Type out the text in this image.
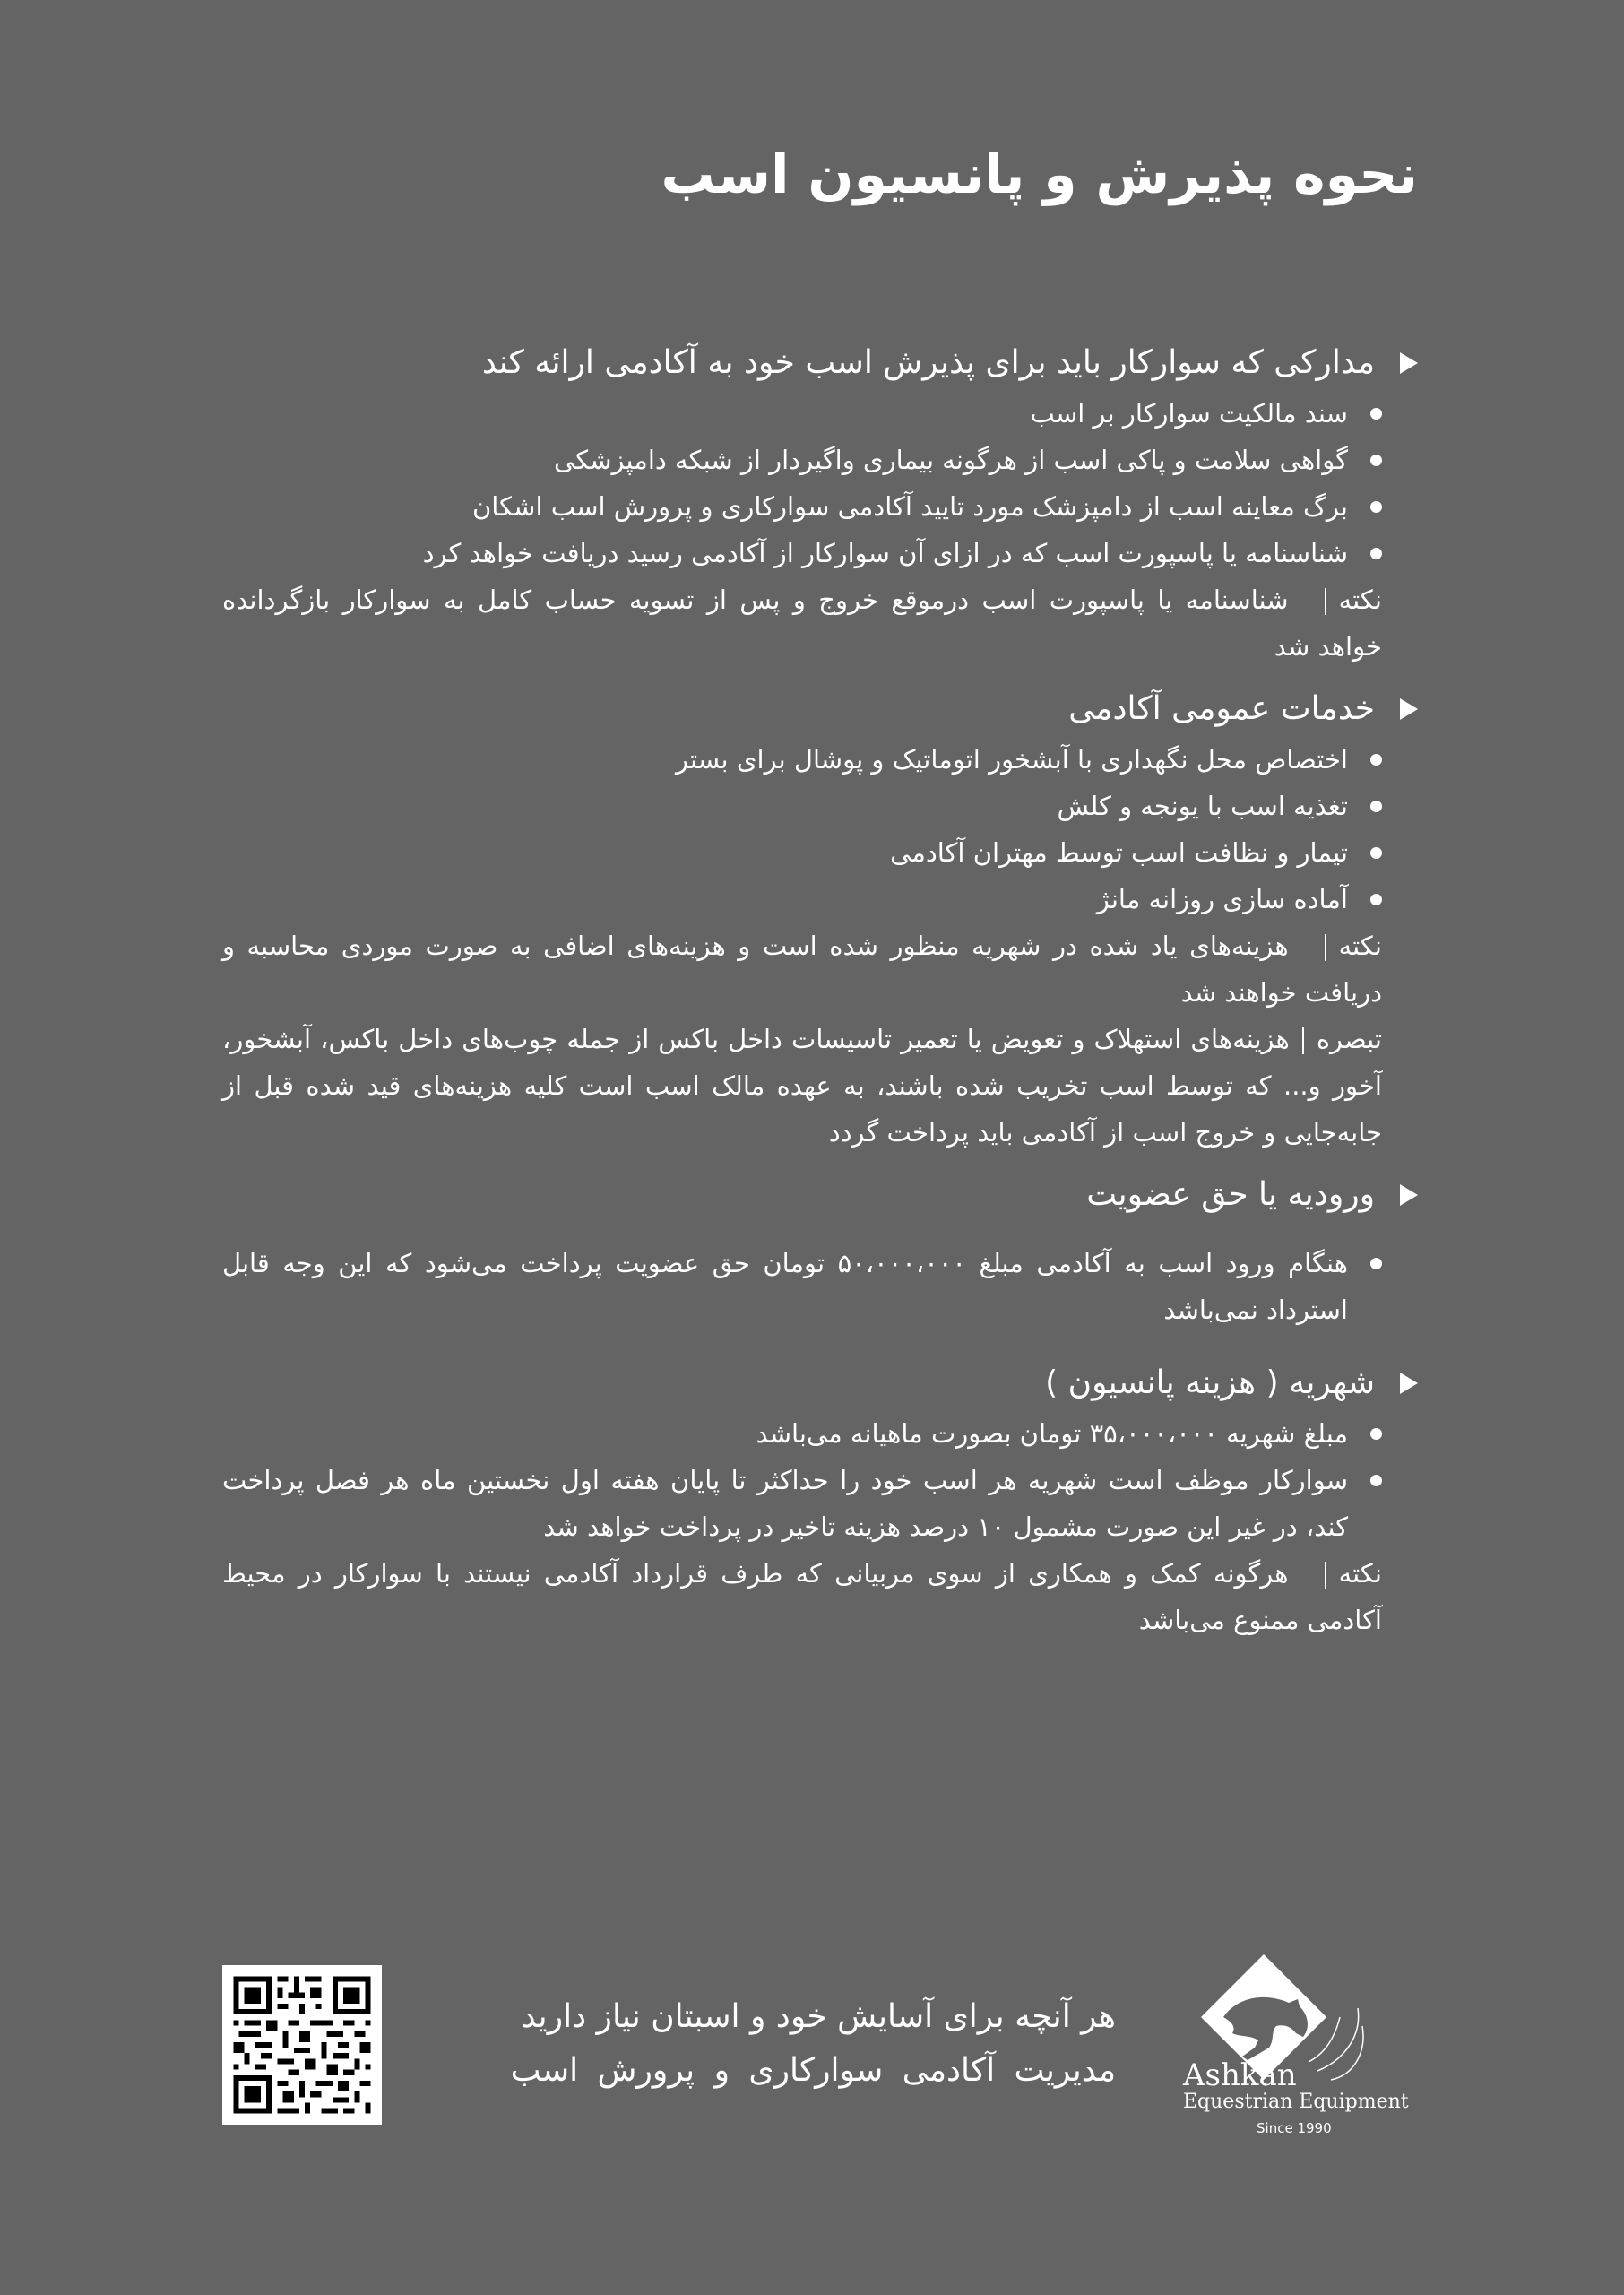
نحوه پذیرش و پانسیون اسب
مدارکی که سوارکار باید برای پذیرش اسب خود به آکادمی ارائه کند
سند مالکیت سوارکار بر اسب
گواهی سلامت و پاکی اسب از هرگونه بیماری واگیردار از شبکه دامپزشکی
برگ معاینه اسب از دامپزشک مورد تایید آکادمی سوارکاری و پرورش اسب اشکان
شناسنامه یا پاسپورت اسب که در ازای آن سوارکار از آکادمی رسید دریافت خواهد کرد

نکتهشناسنامه یا پاسپورت اسب درموقع خروج و پس از تسویه حساب کامل به سوارکار بازگردانده خواهد شد

خدمات عمومی آکادمی
اختصاص محل نگهداری با آبشخور اتوماتیک و پوشال برای بستر
تغذیه اسب با یونجه و کلش
تیمار و نظافت اسب توسط مهتران آکادمی
آماده سازی روزانه مانژ

نکتههزینه‌های یاد شده در شهریه منظور شده است و هزینه‌های اضافی به صورت موردی محاسبه و دریافت خواهند شد

تبصرههزینه‌های استهلاک و تعویض یا تعمیر تاسیسات داخل باکس از جمله چوب‌های داخل باکس، آبشخور، آخور و... که توسط اسب تخریب شده باشند، به عهده مالک اسب است کلیه هزینه‌های قید شده قبل از جابه‌جایی و خروج اسب از آکادمی باید پرداخت گردد

ورودیه یا حق عضویت
هنگام ورود اسب به آکادمی مبلغ ۵۰،۰۰۰،۰۰۰ تومان حق عضویت پرداخت می‌شود که این وجه قابل استرداد نمی‌باشد
شهریه ( هزینه پانسیون )
مبلغ شهریه ۳۵،۰۰۰،۰۰۰ تومان بصورت ماهیانه می‌باشد
سوارکار موظف است شهریه هر اسب خود را حداکثر تا پایان هفته اول نخستین ماه هر فصل پرداخت کند، در غیر این صورت مشمول ۱۰ درصد هزینه تاخیر در پرداخت خواهد شد

نکتههرگونه کمک و همکاری از سوی مربیانی که طرف قرارداد آکادمی نیستند با سوارکار در محیط آکادمی ممنوع می‌باشد

هر آنچه برای آسایش خود و اسبتان نیاز دارید
مدیریت آکادمی سوارکاری و پرورش اسب Ashkan
Equestrian Equipment
Since 1990
